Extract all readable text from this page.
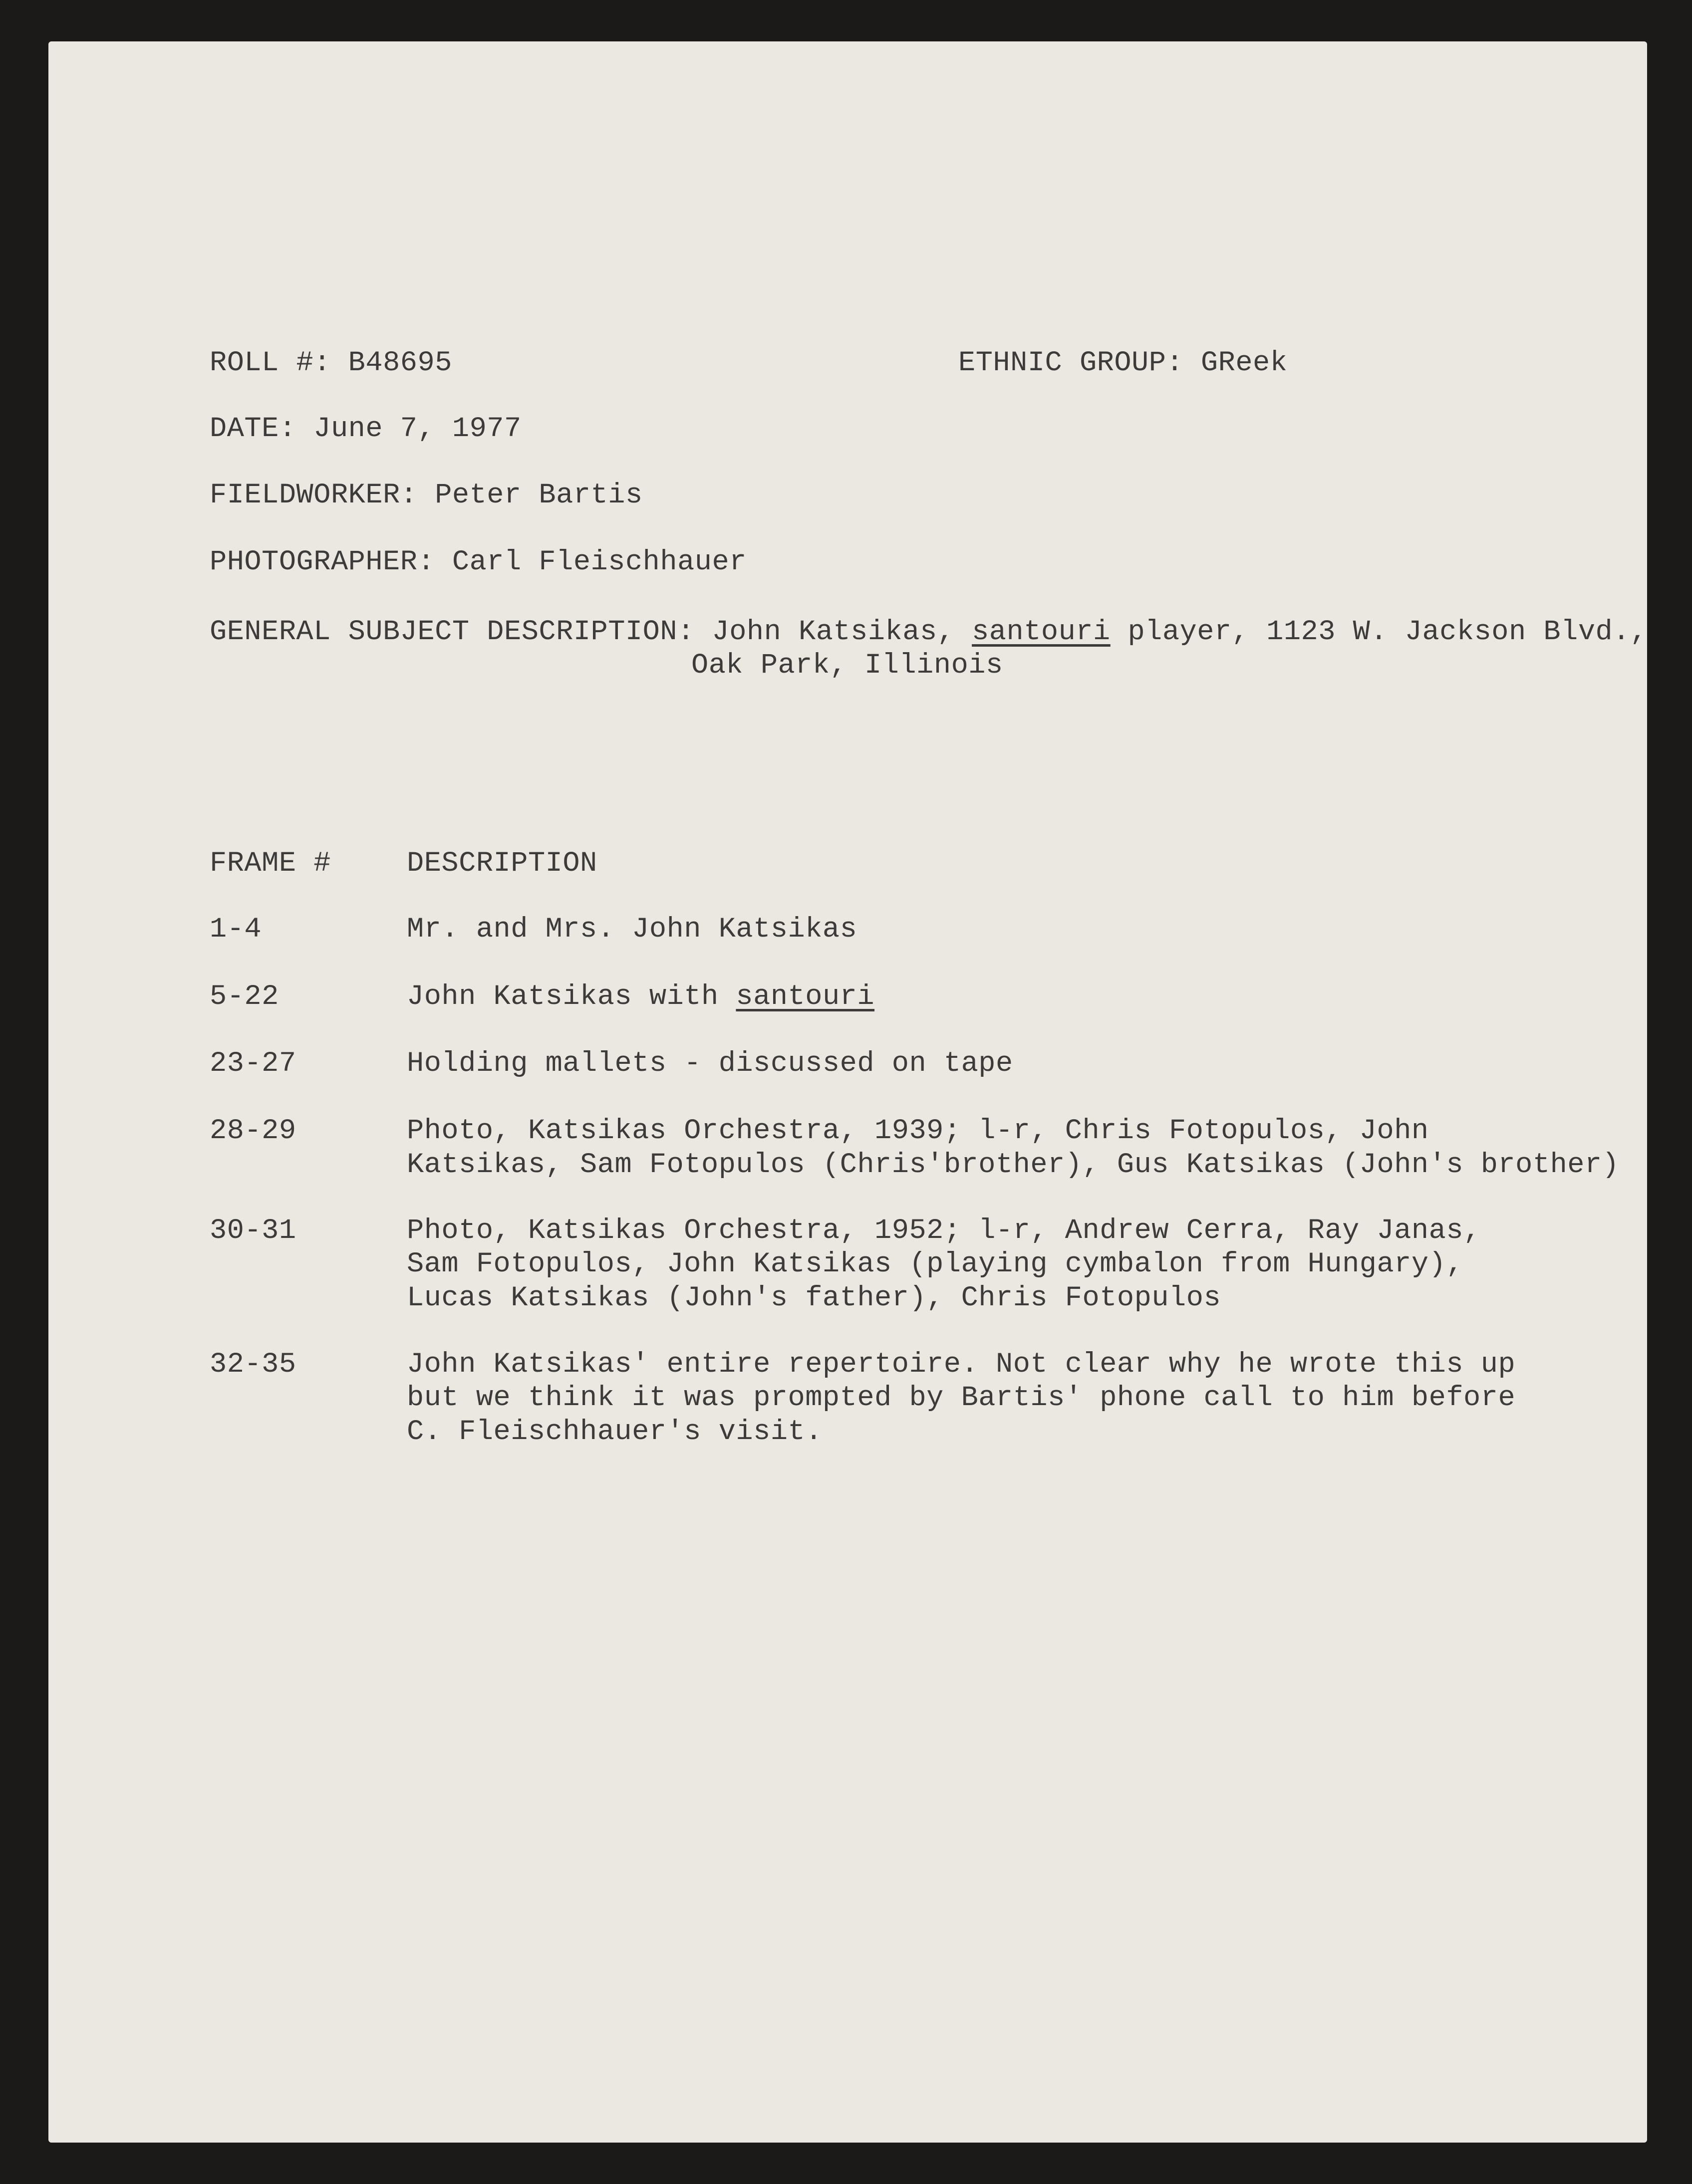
ROLL #: B48695	ETHNIC GROUP: GReek
DATE: June 7, 1977
FIELDWORKER: Peter Bartis
PHOTOGRAPHER: Carl Fleischhauer
GENERAL SUBJECT DESCRIPTION: John Katsikas, santouri player, 1123 W. Jackson Blvd.,
Oak Park, Illinois
FRAME #	DESCRIPTION
1-4	Mr. and Mrs. John Katsikas
5-22	John Katsikas with santouri
23-27	Holding mallets - discussed on tape
28-29	Photo, Katsikas Orchestra, 1939; l-r, Chris Fotopulos, John
Katsikas, Sam Fotopulos (Chris'brother), Gus Katsikas (John's brother)
30-31	Photo, Katsikas Orchestra, 1952; l-r, Andrew Cerra, Ray Janas,
Sam Fotopulos, John Katsikas (playing cymbalon from Hungary),
Lucas Katsikas (John's father), Chris Fotopulos
32-35	John Katsikas' entire repertoire. Not clear why he wrote this up
but we think it was prompted by Bartis' phone call to him before
C. Fleischhauer's visit.
